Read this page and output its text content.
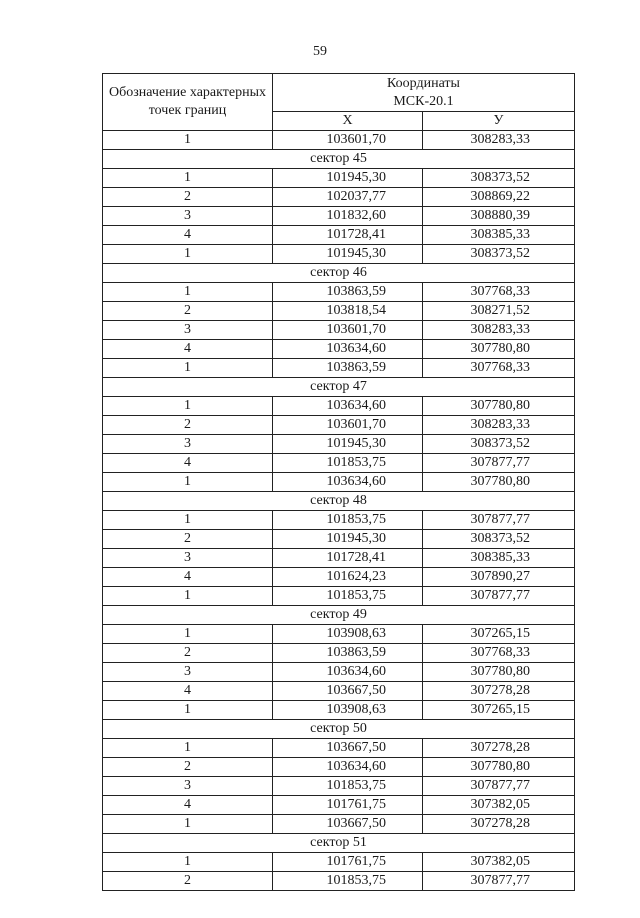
59
Обозначение характерных точек границ	Координаты МСК-20.1	
	X	У
1	103601,70	308283,33
сектор 45		
1	101945,30	308373,52
2	102037,77	308869,22
3	101832,60	308880,39
4	101728,41	308385,33
1	101945,30	308373,52
сектор 46		
1	103863,59	307768,33
2	103818,54	308271,52
3	103601,70	308283,33
4	103634,60	307780,80
1	103863,59	307768,33
сектор 47		
1	103634,60	307780,80
2	103601,70	308283,33
3	101945,30	308373,52
4	101853,75	307877,77
1	103634,60	307780,80
сектор 48		
1	101853,75	307877,77
2	101945,30	308373,52
3	101728,41	308385,33
4	101624,23	307890,27
1	101853,75	307877,77
сектор 49		
1	103908,63	307265,15
2	103863,59	307768,33
3	103634,60	307780,80
4	103667,50	307278,28
1	103908,63	307265,15
сектор 50		
1	103667,50	307278,28
2	103634,60	307780,80
3	101853,75	307877,77
4	101761,75	307382,05
1	103667,50	307278,28
сектор 51		
1	101761,75	307382,05
2	101853,75	307877,77
